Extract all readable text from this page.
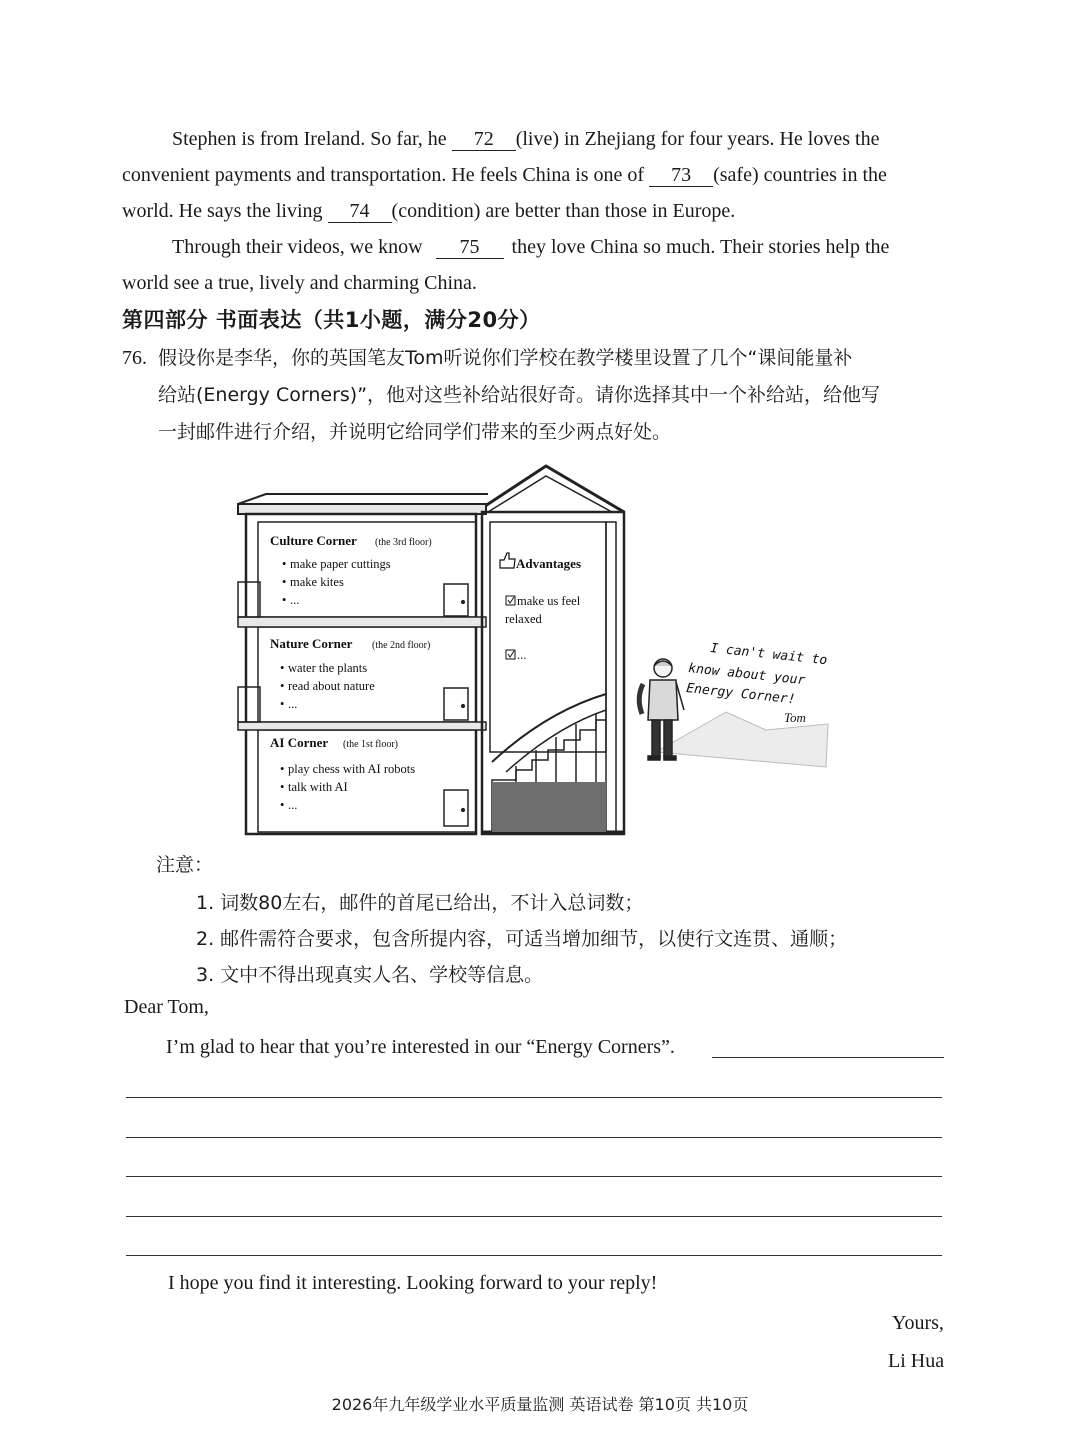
Stephen is from Ireland. So far, he 72 (live) in Zhejiang for four years. He loves the
convenient payments and transportation. He feels China is one of 73 (safe) countries in the
world. He says the living 74 (condition) are better than those in Europe.
Through their videos, we know 75 they love China so much. Their stories help the
world see a true, lively and charming China.
第四部分 书面表达（共1小题，满分20分）
76. 假设你是李华，你的英国笔友Tom听说你们学校在教学楼里设置了几个“课间能量补
给站(Energy Corners)”，他对这些补给站很好奇。请你选择其中一个补给站，给他写
一封邮件进行介绍，并说明它给同学们带来的至少两点好处。
Culture Corner (the 3rd floor)
• make paper cuttings
• make kites
• ...
Nature Corner (the 2nd floor)
• water the plants
• read about nature
• ...
AI Corner (the 1st floor)
• play chess with AI robots
• talk with AI
• ...
Advantages
make us feel
relaxed
...	I can't wait to
know about your
Energy Corner!
Tom
注意：
1. 词数80左右，邮件的首尾已给出，不计入总词数；
2. 邮件需符合要求，包含所提内容，可适当增加细节，以使行文连贯、通顺；
3. 文中不得出现真实人名、学校等信息。
Dear Tom,
I’m glad to hear that you’re interested in our “Energy Corners”.
I hope you find it interesting. Looking forward to your reply!
Yours,
Li Hua
2026年九年级学业水平质量监测 英语试卷 第10页 共10页
